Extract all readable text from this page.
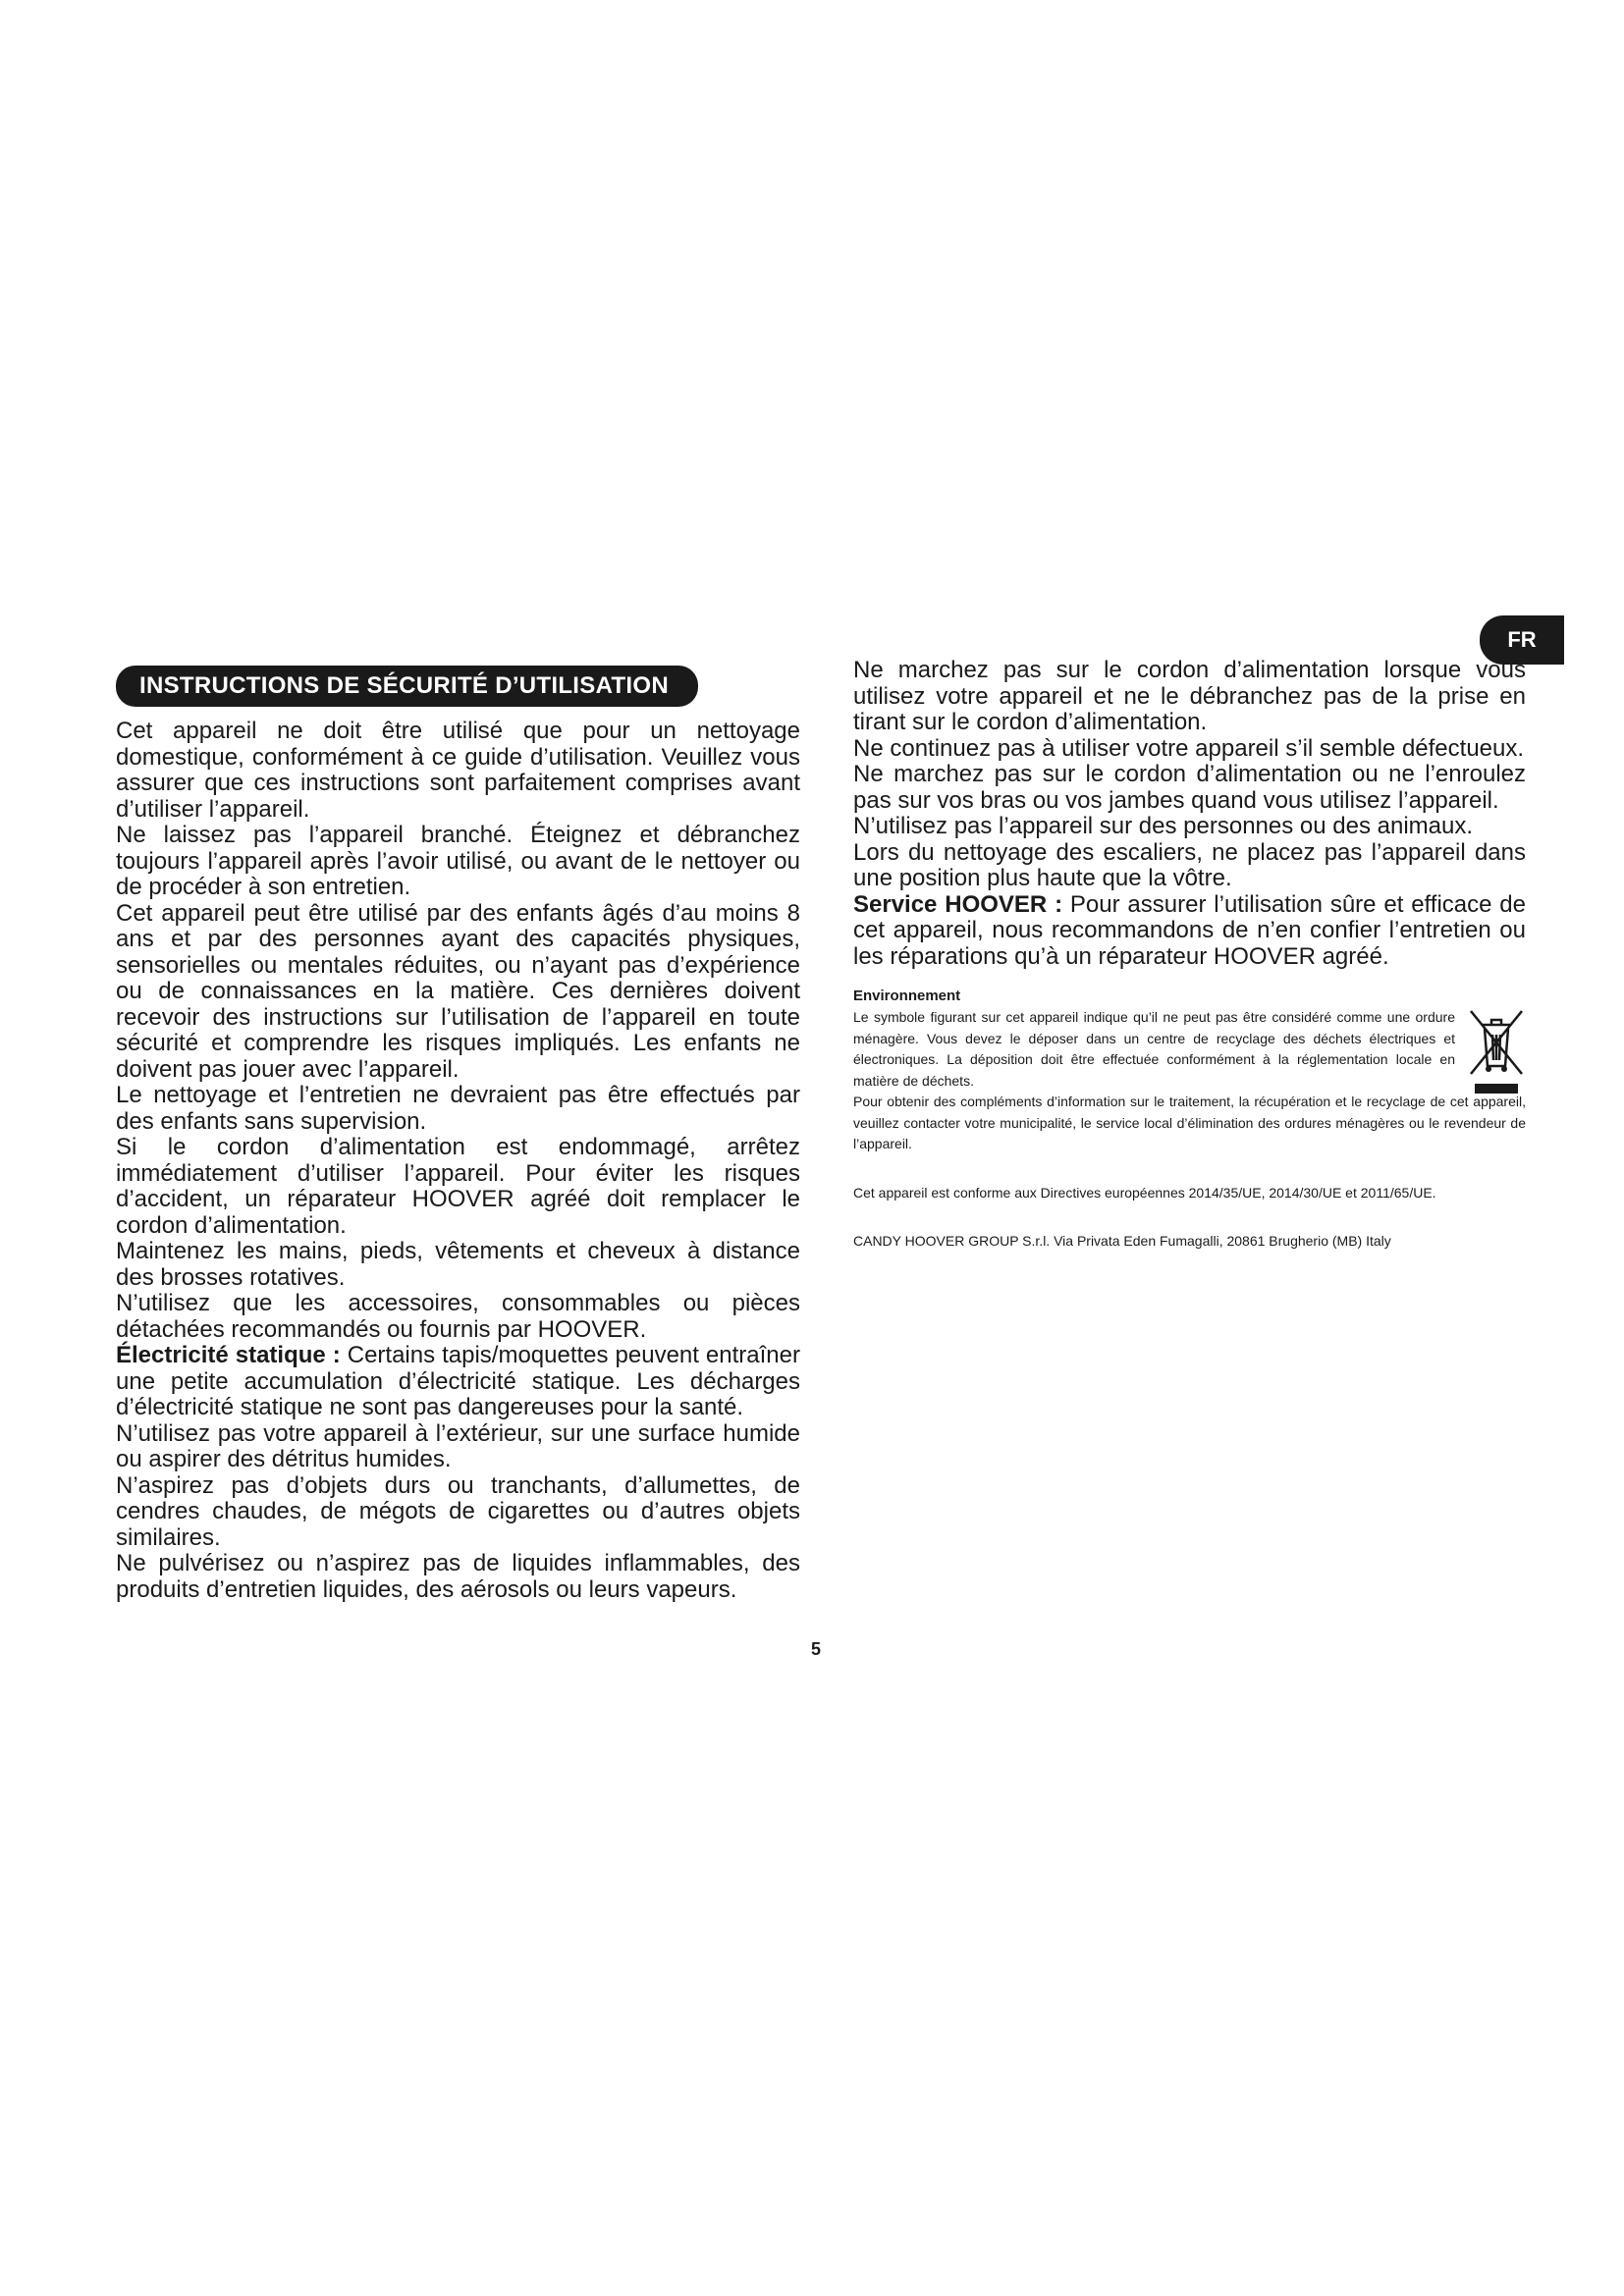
FR
INSTRUCTIONS DE SÉCURITÉ D’UTILISATION

Cet appareil ne doit être utilisé que pour un nettoyage domestique, conformément à ce guide d’utilisation. Veuillez vous assurer que ces instructions sont parfaitement comprises avant d’utiliser l’appareil.

Ne laissez pas l’appareil branché. Éteignez et débranchez toujours l’appareil après l’avoir utilisé, ou avant de le nettoyer ou de procéder à son entretien.

Cet appareil peut être utilisé par des enfants âgés d’au moins 8 ans et par des personnes ayant des capacités physiques, sensorielles ou mentales réduites, ou n’ayant pas d’expérience ou de connaissances en la matière. Ces dernières doivent recevoir des instructions sur l’utilisation de l’appareil en toute sécurité et comprendre les risques impliqués. Les enfants ne doivent pas jouer avec l’appareil.

Le nettoyage et l’entretien ne devraient pas être effectués par des enfants sans supervision.

Si le cordon d’alimentation est endommagé, arrêtez immédiatement d’utiliser l’appareil. Pour éviter les risques d’accident, un réparateur HOOVER agréé doit remplacer le cordon d’alimentation.

Maintenez les mains, pieds, vêtements et cheveux à distance des brosses rotatives.

N’utilisez que les accessoires, consommables ou pièces détachées recommandés ou fournis par HOOVER.

Électricité statique : Certains tapis/moquettes peuvent entraîner une petite accumulation d’électricité statique. Les décharges d’électricité statique ne sont pas dangereuses pour la santé.

N’utilisez pas votre appareil à l’extérieur, sur une surface humide ou aspirer des détritus humides.

N’aspirez pas d’objets durs ou tranchants, d’allumettes, de cendres chaudes, de mégots de cigarettes ou d’autres objets similaires.

Ne pulvérisez ou n’aspirez pas de liquides inflammables, des produits d’entretien liquides, des aérosols ou leurs vapeurs.

Ne marchez pas sur le cordon d’alimentation lorsque vous utilisez votre appareil et ne le débranchez pas de la prise en tirant sur le cordon d’alimentation.

Ne continuez pas à utiliser votre appareil s’il semble défectueux.

Ne marchez pas sur le cordon d’alimentation ou ne l’enroulez pas sur vos bras ou vos jambes quand vous utilisez l’appareil.

N’utilisez pas l’appareil sur des personnes ou des animaux.

Lors du nettoyage des escaliers, ne placez pas l’appareil dans une position plus haute que la vôtre.

Service HOOVER : Pour assurer l’utilisation sûre et efficace de cet appareil, nous recommandons de n’en confier l’entretien ou les réparations qu’à un réparateur HOOVER agréé.

Environnement

Le symbole figurant sur cet appareil indique qu’il ne peut pas être considéré comme une ordure ménagère. Vous devez le déposer dans un centre de recyclage des déchets électriques et électroniques. La déposition doit être effectuée conformément à la réglementation locale en matière de déchets.

Pour obtenir des compléments d’information sur le traitement, la récupération et le recyclage de cet appareil, veuillez contacter votre municipalité, le service local d’élimination des ordures ménagères ou le revendeur de l’appareil.

Cet appareil est conforme aux Directives européennes 2014/35/UE, 2014/30/UE et 2011/65/UE.

CANDY HOOVER GROUP S.r.l. Via Privata Eden Fumagalli, 20861 Brugherio (MB) Italy

5
